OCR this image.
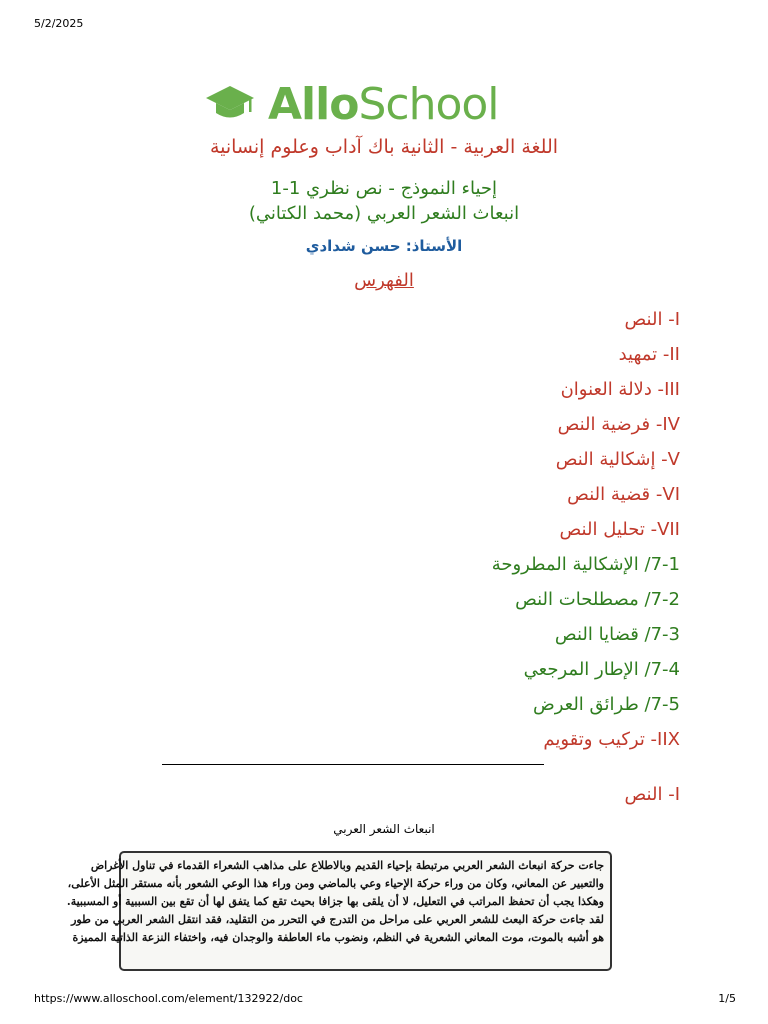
5/2/2025
AlloSchool
اللغة العربية - الثانية باك آداب وعلوم إنسانية
إحياء النموذج - نص نظري 1-1
انبعاث الشعر العربي (محمد الكتاني)
الأستاذ: حسن شدادي
الفهرس
I- النص
II- تمهيد
III- دلالة العنوان
IV- فرضية النص
V- إشكالية النص
VI- قضية النص
VII- تحليل النص
7-1/ الإشكالية المطروحة
7-2/ مصطلحات النص
7-3/ قضايا النص
7-4/ الإطار المرجعي
7-5/ طرائق العرض
IIX- تركيب وتقويم
I- النص
انبعاث الشعر العربي
جاءت حركة انبعاث الشعر العربي مرتبطة بإحياء القديم وبالاطلاع على مذاهب الشعراء القدماء في تناول الأغراض
والتعبير عن المعاني، وكان من وراء حركة الإحياء وعي بالماضي ومن وراء هذا الوعي الشعور بأنه مستقر المثل الأعلى،
وهكذا يجب أن تحفظ المراتب في التعليل، لا أن يلقى بها جزافا بحيث تقع كما يتفق لها أن تقع بين السببية أو المسببية.
لقد جاءت حركة البعث للشعر العربي على مراحل من التدرج في التحرر من التقليد، فقد انتقل الشعر العربي من طور
هو أشبه بالموت، موت المعاني الشعرية في النظم، ونضوب ماء العاطفة والوجدان فيه، واختفاء النزعة الذاتية المميزة
https://www.alloschool.com/element/132922/doc	1/5
